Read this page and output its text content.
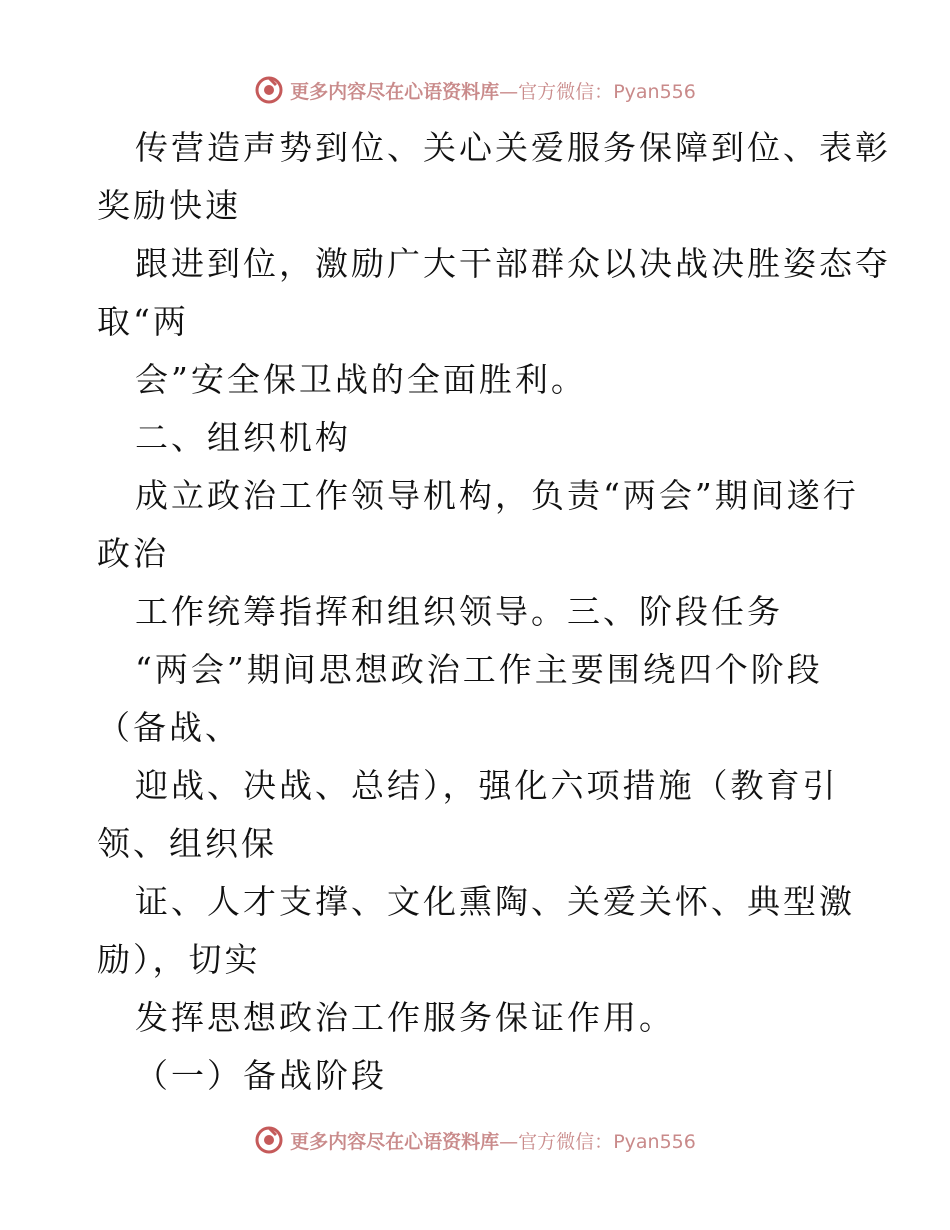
更多内容尽在心语资料库—官方微信：Pyan556
传营造声势到位、关心关爱服务保障到位、表彰
奖励快速
跟进到位，激励广大干部群众以决战决胜姿态夺
取“两
会”安全保卫战的全面胜利。
二、组织机构
成立政治工作领导机构，负责“两会”期间遂行
政治
工作统筹指挥和组织领导。三、阶段任务
“两会”期间思想政治工作主要围绕四个阶段
（备战、
迎战、决战、总结），强化六项措施（教育引
领、组织保
证、人才支撑、文化熏陶、关爱关怀、典型激
励），切实
发挥思想政治工作服务保证作用。
（一）备战阶段
更多内容尽在心语资料库—官方微信：Pyan556
